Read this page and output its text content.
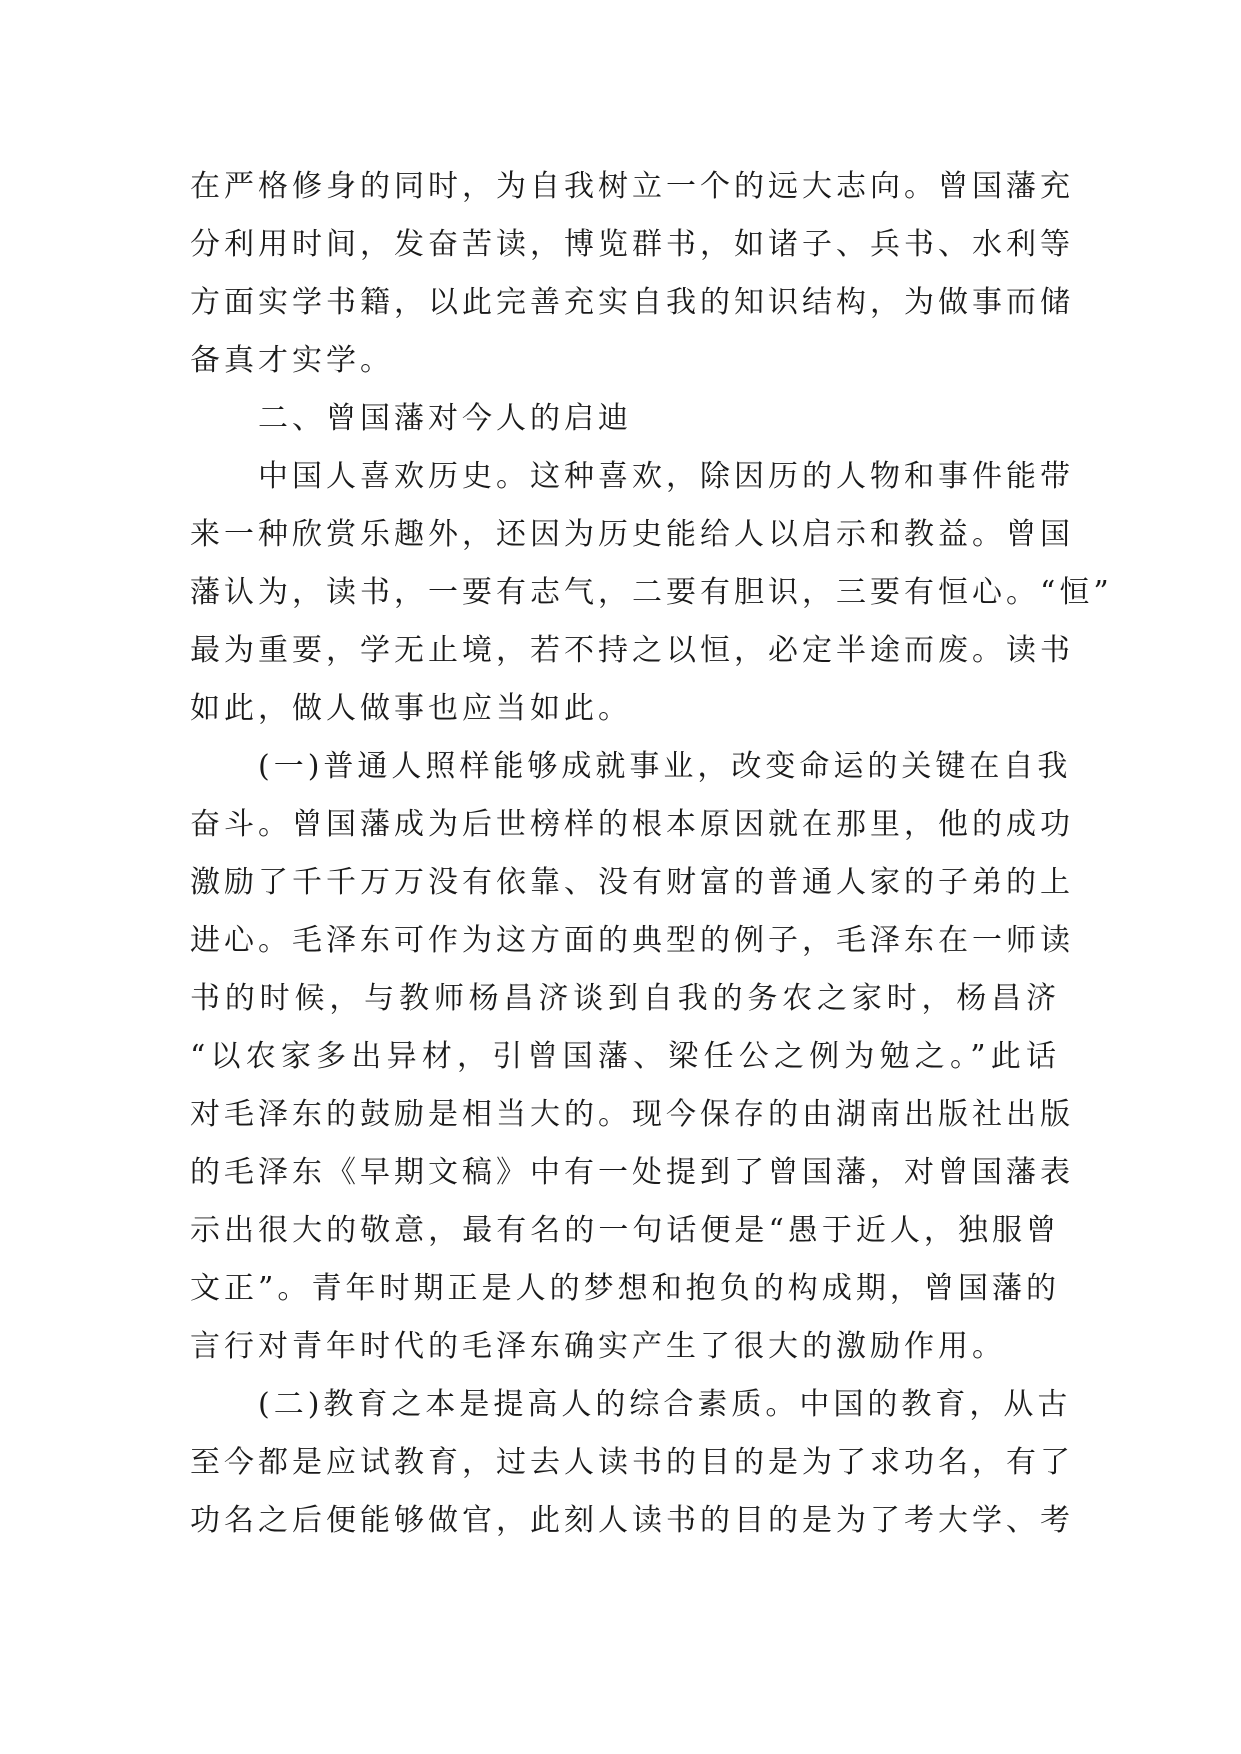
在严格修身的同时，为自我树立一个的远大志向。曾国藩充
分利用时间，发奋苦读，博览群书，如诸子、兵书、水利等
方面实学书籍，以此完善充实自我的知识结构，为做事而储
备真才实学。
二、曾国藩对今人的启迪
中国人喜欢历史。这种喜欢，除因历的人物和事件能带
来一种欣赏乐趣外，还因为历史能给人以启示和教益。曾国
藩认为，读书，一要有志气，二要有胆识，三要有恒心。“恒”
最为重要，学无止境，若不持之以恒，必定半途而废。读书
如此，做人做事也应当如此。
(一)普通人照样能够成就事业，改变命运的关键在自我
奋斗。曾国藩成为后世榜样的根本原因就在那里，他的成功
激励了千千万万没有依靠、没有财富的普通人家的子弟的上
进心。毛泽东可作为这方面的典型的例子，毛泽东在一师读
书的时候，与教师杨昌济谈到自我的务农之家时，杨昌济
“以农家多出异材，引曾国藩、梁任公之例为勉之。”此话
对毛泽东的鼓励是相当大的。现今保存的由湖南出版社出版
的毛泽东《早期文稿》中有一处提到了曾国藩，对曾国藩表
示出很大的敬意，最有名的一句话便是“愚于近人，独服曾
文正”。青年时期正是人的梦想和抱负的构成期，曾国藩的
言行对青年时代的毛泽东确实产生了很大的激励作用。
(二)教育之本是提高人的综合素质。中国的教育，从古
至今都是应试教育，过去人读书的目的是为了求功名，有了
功名之后便能够做官，此刻人读书的目的是为了考大学、考
